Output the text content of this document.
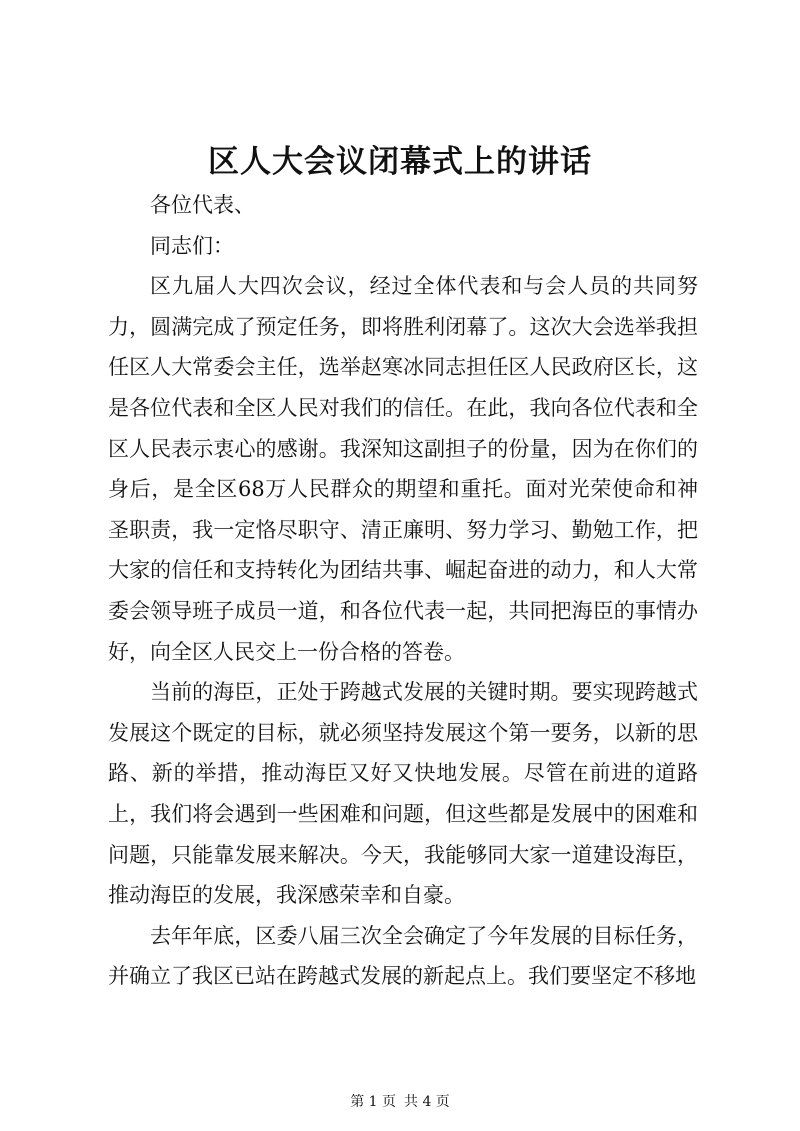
区人大会议闭幕式上的讲话

各位代表、

同志们：

区九届人大四次会议，经过全体代表和与会人员的共同努力，圆满完成了预定任务，即将胜利闭幕了。这次大会选举我担任区人大常委会主任，选举赵寒冰同志担任区人民政府区长，这是各位代表和全区人民对我们的信任。在此，我向各位代表和全区人民表示衷心的感谢。我深知这副担子的份量，因为在你们的身后，是全区68万人民群众的期望和重托。面对光荣使命和神圣职责，我一定恪尽职守、清正廉明、努力学习、勤勉工作，把大家的信任和支持转化为团结共事、崛起奋进的动力，和人大常委会领导班子成员一道，和各位代表一起，共同把海臣的事情办好，向全区人民交上一份合格的答卷。

当前的海臣，正处于跨越式发展的关键时期。要实现跨越式发展这个既定的目标，就必须坚持发展这个第一要务，以新的思路、新的举措，推动海臣又好又快地发展。尽管在前进的道路上，我们将会遇到一些困难和问题，但这些都是发展中的困难和问题，只能靠发展来解决。今天，我能够同大家一道建设海臣，推动海臣的发展，我深感荣幸和自豪。

去年年底，区委八届三次全会确定了今年发展的目标任务，并确立了我区已站在跨越式发展的新起点上。我们要坚定不移地

第 1 页 共 4 页
